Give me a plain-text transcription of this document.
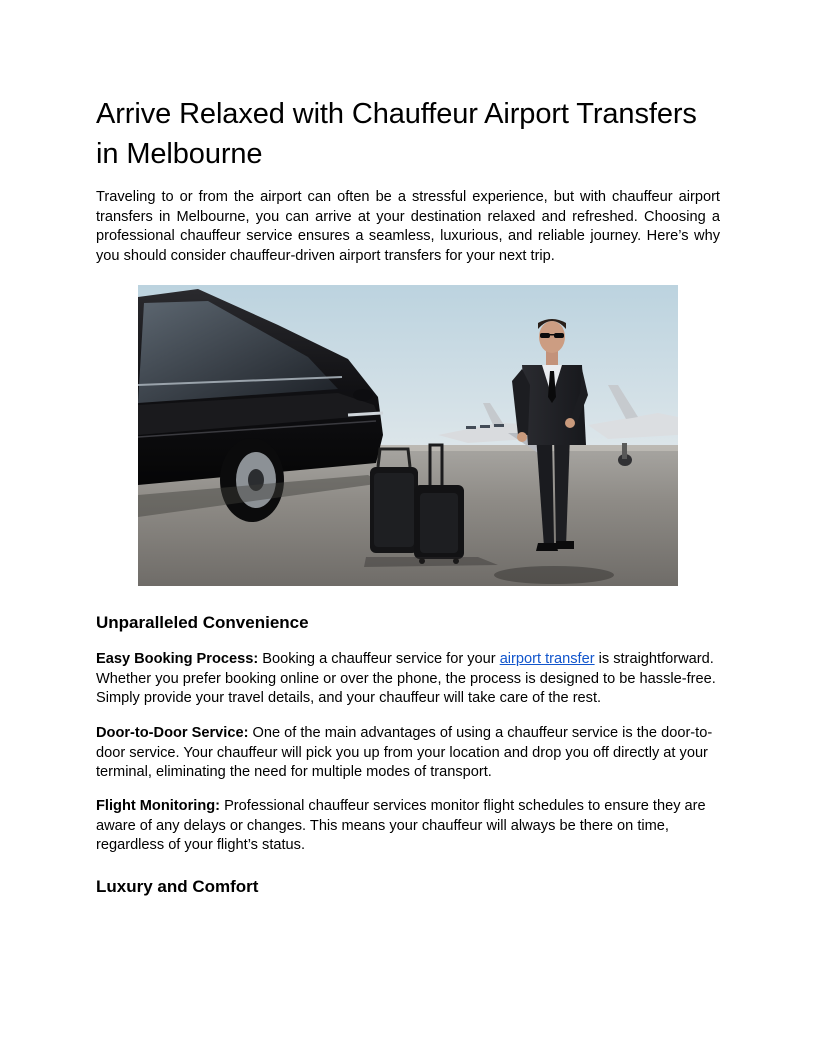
Arrive Relaxed with Chauffeur Airport Transfers in Melbourne

Traveling to or from the airport can often be a stressful experience, but with chauffeur airport transfers in Melbourne, you can arrive at your destination relaxed and refreshed. Choosing a professional chauffeur service ensures a seamless, luxurious, and reliable journey. Here’s why you should consider chauffeur-driven airport transfers for your next trip.

Unparalleled Convenience

Easy Booking Process: Booking a chauffeur service for your airport transfer is straightforward. Whether you prefer booking online or over the phone, the process is designed to be hassle-free. Simply provide your travel details, and your chauffeur will take care of the rest.

Door-to-Door Service: One of the main advantages of using a chauffeur service is the door-to-door service. Your chauffeur will pick you up from your location and drop you off directly at your terminal, eliminating the need for multiple modes of transport.

Flight Monitoring: Professional chauffeur services monitor flight schedules to ensure they are aware of any delays or changes. This means your chauffeur will always be there on time, regardless of your flight’s status.

Luxury and Comfort
